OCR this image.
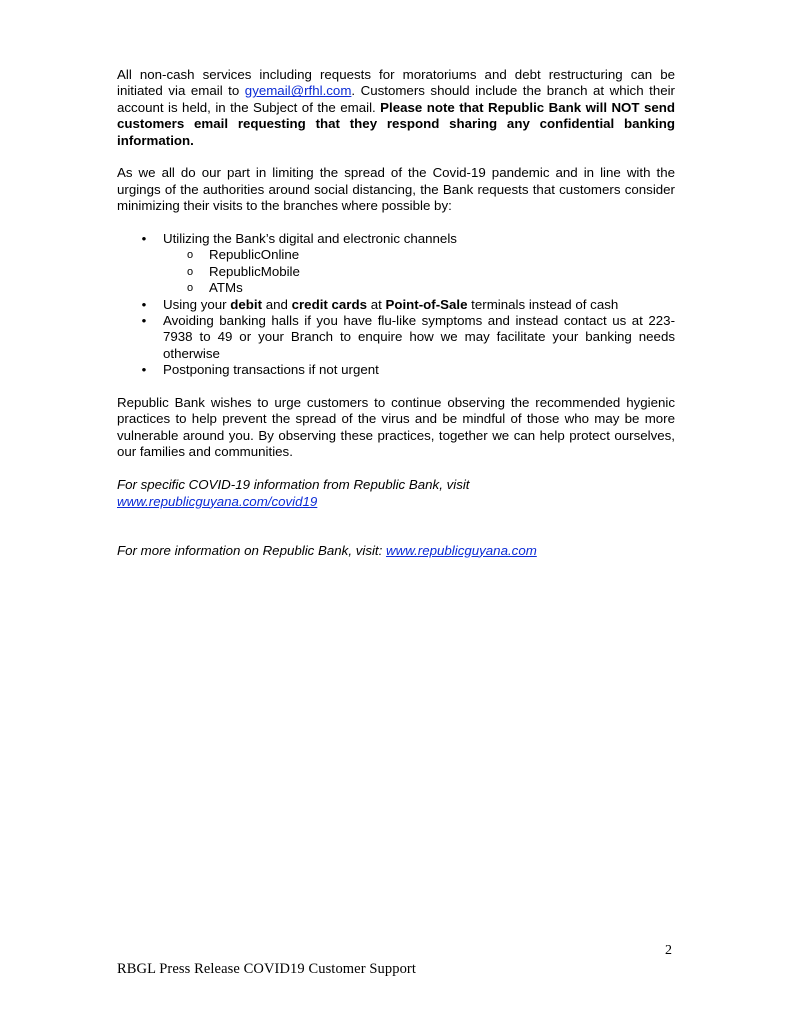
All non-cash services including requests for moratoriums and debt restructuring can be initiated via email to gyemail@rfhl.com. Customers should include the branch at which their account is held, in the Subject of the email. Please note that Republic Bank will NOT send customers email requesting that they respond sharing any confidential banking information.

As we all do our part in limiting the spread of the Covid-19 pandemic and in line with the urgings of the authorities around social distancing, the Bank requests that customers consider minimizing their visits to the branches where possible by:

• Utilizing the Bank’s digital and electronic channels
o RepublicOnline
o RepublicMobile
o ATMs
• Using your debit and credit cards at Point-of-Sale terminals instead of cash
• Avoiding banking halls if you have flu-like symptoms and instead contact us at 223-7938 to 49 or your Branch to enquire how we may facilitate your banking needs otherwise
• Postponing transactions if not urgent

Republic Bank wishes to urge customers to continue observing the recommended hygienic practices to help prevent the spread of the virus and be mindful of those who may be more vulnerable around you. By observing these practices, together we can help protect ourselves, our families and communities.

For specific COVID-19 information from Republic Bank, visit
www.republicguyana.com/covid19

For more information on Republic Bank, visit: www.republicguyana.com

2
RBGL Press Release COVID19 Customer Support
